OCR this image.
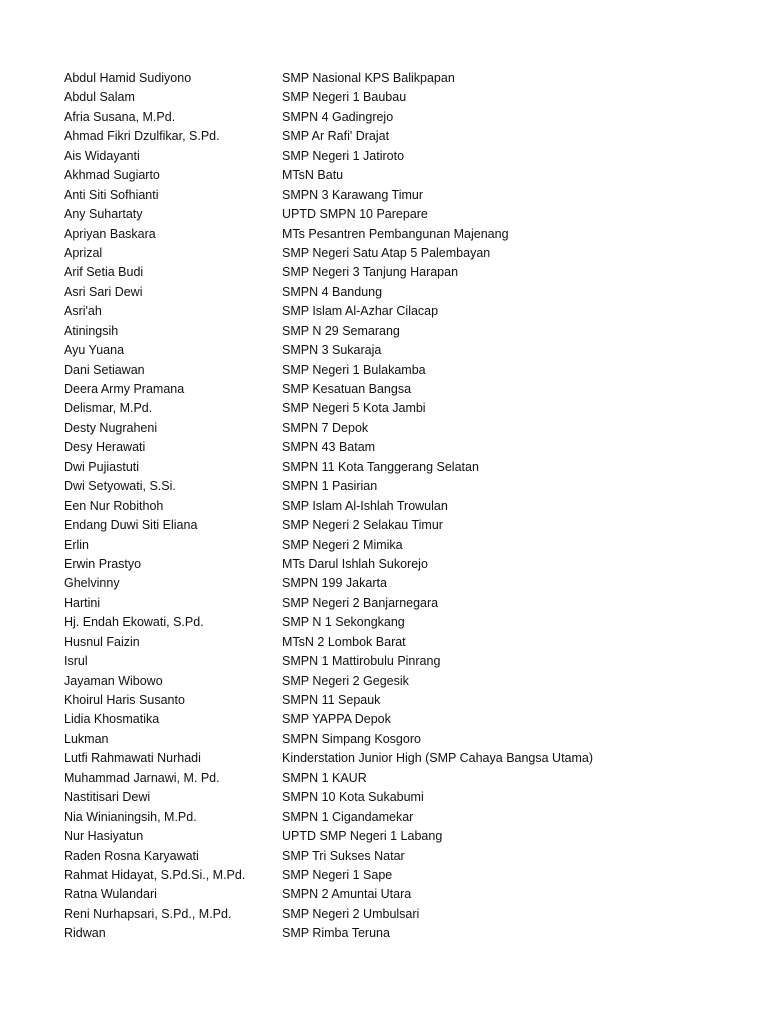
Abdul Hamid Sudiyono	SMP Nasional KPS Balikpapan
Abdul Salam	SMP Negeri 1 Baubau
Afria Susana, M.Pd.	SMPN 4 Gadingrejo
Ahmad Fikri Dzulfikar, S.Pd.	SMP Ar Rafi' Drajat
Ais Widayanti	SMP Negeri 1 Jatiroto
Akhmad Sugiarto	MTsN Batu
Anti Siti Sofhianti	SMPN 3 Karawang Timur
Any Suhartaty	UPTD SMPN 10 Parepare
Apriyan Baskara	MTs Pesantren Pembangunan Majenang
Aprizal	SMP Negeri Satu Atap 5 Palembayan
Arif Setia Budi	SMP Negeri 3 Tanjung Harapan
Asri Sari Dewi	SMPN 4 Bandung
Asri'ah	SMP Islam Al-Azhar Cilacap
Atiningsih	SMP N 29 Semarang
Ayu Yuana	SMPN 3 Sukaraja
Dani Setiawan	SMP Negeri 1 Bulakamba
Deera Army Pramana	SMP Kesatuan Bangsa
Delismar, M.Pd.	SMP Negeri 5 Kota Jambi
Desty Nugraheni	SMPN 7 Depok
Desy Herawati	SMPN 43 Batam
Dwi Pujiastuti	SMPN 11 Kota Tanggerang Selatan
Dwi Setyowati, S.Si.	SMPN 1 Pasirian
Een Nur Robithoh	SMP Islam Al-Ishlah Trowulan
Endang Duwi Siti Eliana	SMP Negeri 2 Selakau Timur
Erlin	SMP Negeri 2 Mimika
Erwin Prastyo	MTs Darul Ishlah Sukorejo
Ghelvinny	SMPN 199 Jakarta
Hartini	SMP Negeri 2 Banjarnegara
Hj. Endah Ekowati, S.Pd.	SMP N 1 Sekongkang
Husnul Faizin	MTsN 2 Lombok Barat
Isrul	SMPN 1 Mattirobulu Pinrang
Jayaman Wibowo	SMP Negeri 2 Gegesik
Khoirul Haris Susanto	SMPN 11 Sepauk
Lidia Khosmatika	SMP YAPPA Depok
Lukman	SMPN Simpang Kosgoro
Lutfi Rahmawati Nurhadi	Kinderstation Junior High (SMP Cahaya Bangsa Utama)
Muhammad Jarnawi, M. Pd.	SMPN 1 KAUR
Nastitisari Dewi	SMPN 10 Kota Sukabumi
Nia Winianingsih, M.Pd.	SMPN 1 Cigandamekar
Nur Hasiyatun	UPTD SMP Negeri 1 Labang
Raden Rosna Karyawati	SMP Tri Sukses Natar
Rahmat Hidayat, S.Pd.Si., M.Pd.	SMP Negeri 1 Sape
Ratna Wulandari	SMPN 2 Amuntai Utara
Reni Nurhapsari, S.Pd., M.Pd.	SMP Negeri 2 Umbulsari
Ridwan	SMP Rimba Teruna
